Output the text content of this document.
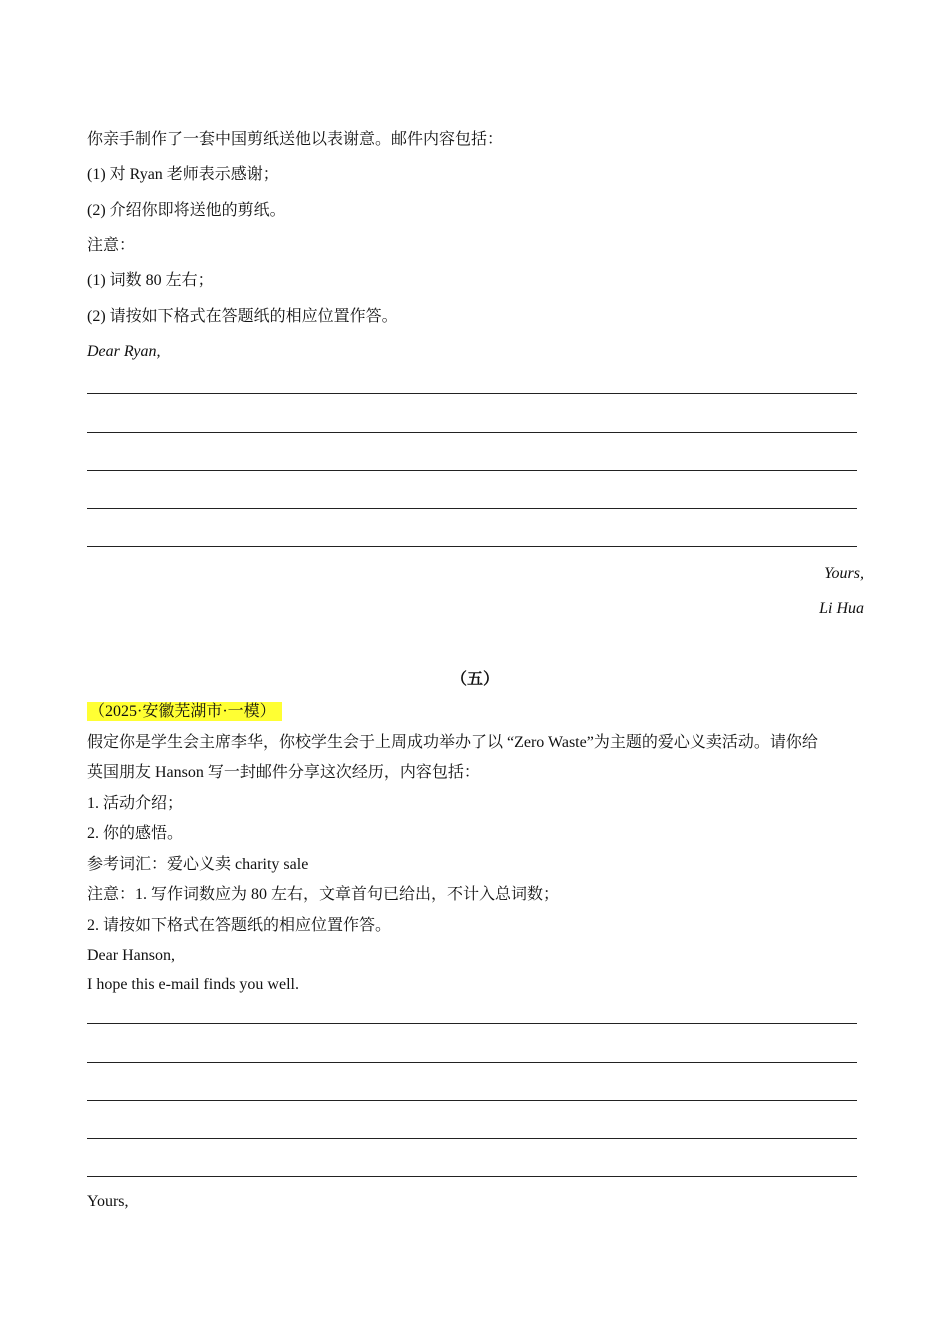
你亲手制作了一套中国剪纸送他以表谢意。邮件内容包括：
(1) 对 Ryan 老师表示感谢；
(2) 介绍你即将送他的剪纸。
注意：
(1) 词数 80 左右；
(2) 请按如下格式在答题纸的相应位置作答。
Dear Ryan,
Yours,
Li Hua
（五）
（2025·安徽芜湖市·一模）
假定你是学生会主席李华，你校学生会于上周成功举办了以 “Zero Waste”为主题的爱心义卖活动。请你给
英国朋友 Hanson 写一封邮件分享这次经历，内容包括：
1. 活动介绍；
2. 你的感悟。
参考词汇：爱心义卖 charity sale
注意：1. 写作词数应为 80 左右，文章首句已给出，不计入总词数；
2. 请按如下格式在答题纸的相应位置作答。
Dear Hanson,
I hope this e-mail finds you well.
Yours,
